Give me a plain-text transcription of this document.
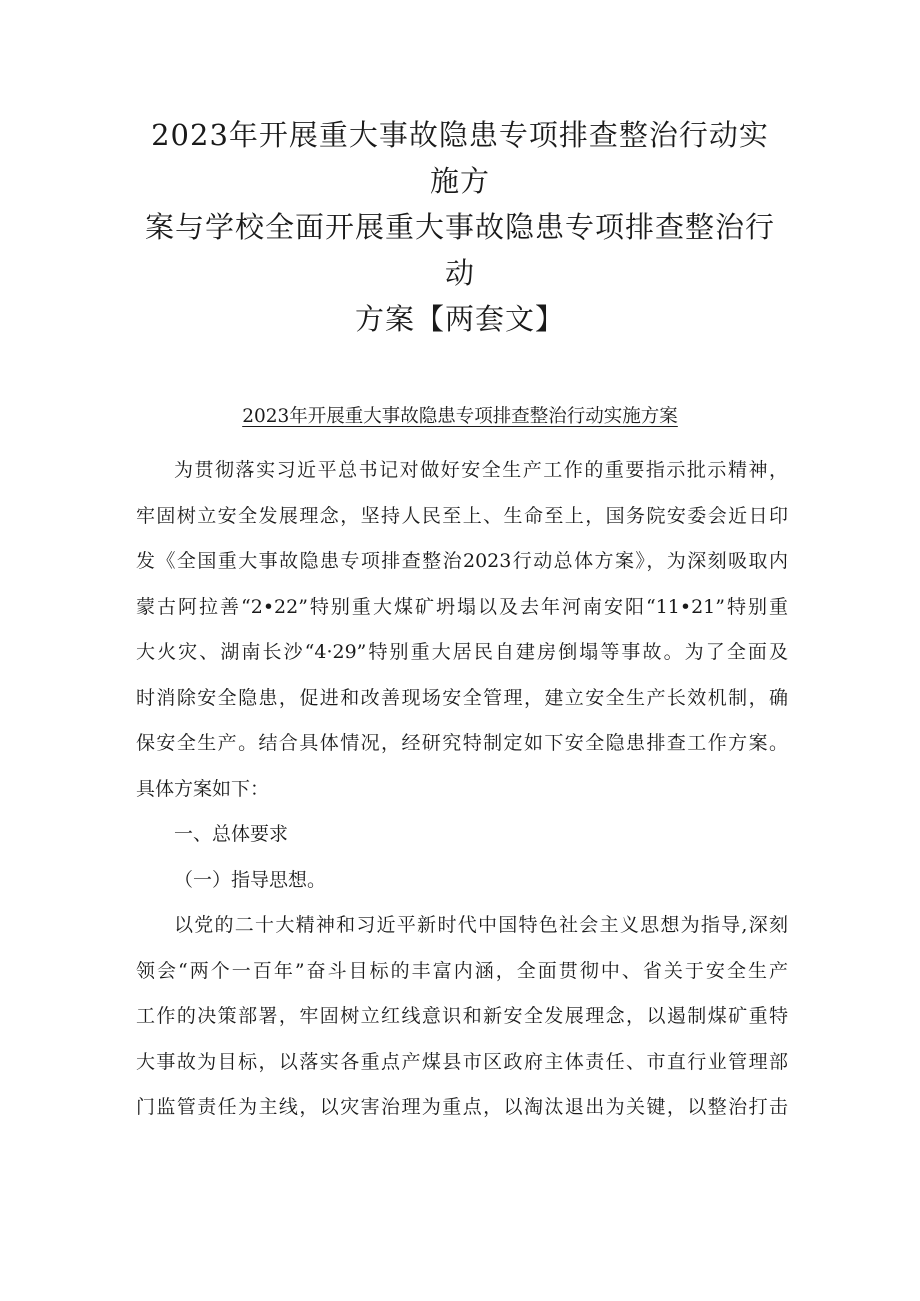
2023年开展重大事故隐患专项排查整治行动实施方
案与学校全面开展重大事故隐患专项排查整治行动
方案【两套文】
2023年开展重大事故隐患专项排查整治行动实施方案
为贯彻落实习近平总书记对做好安全生产工作的重要指示批示精神，
牢固树立安全发展理念，坚持人民至上、生命至上，国务院安委会近日印
发《全国重大事故隐患专项排查整治2023行动总体方案》，为深刻吸取内
蒙古阿拉善“2•22”特别重大煤矿坍塌以及去年河南安阳“11•21”特别重
大火灾、湖南长沙“4·29”特别重大居民自建房倒塌等事故。为了全面及
时消除安全隐患，促进和改善现场安全管理，建立安全生产长效机制，确
保安全生产。结合具体情况，经研究特制定如下安全隐患排查工作方案。
具体方案如下：
一、总体要求
（一）指导思想。
以党的二十大精神和习近平新时代中国特色社会主义思想为指导,深刻
领会“两个一百年”奋斗目标的丰富内涵，全面贯彻中、省关于安全生产
工作的决策部署，牢固树立红线意识和新安全发展理念，以遏制煤矿重特
大事故为目标，以落实各重点产煤县市区政府主体责任、市直行业管理部
门监管责任为主线，以灾害治理为重点，以淘汰退出为关键，以整治打击
